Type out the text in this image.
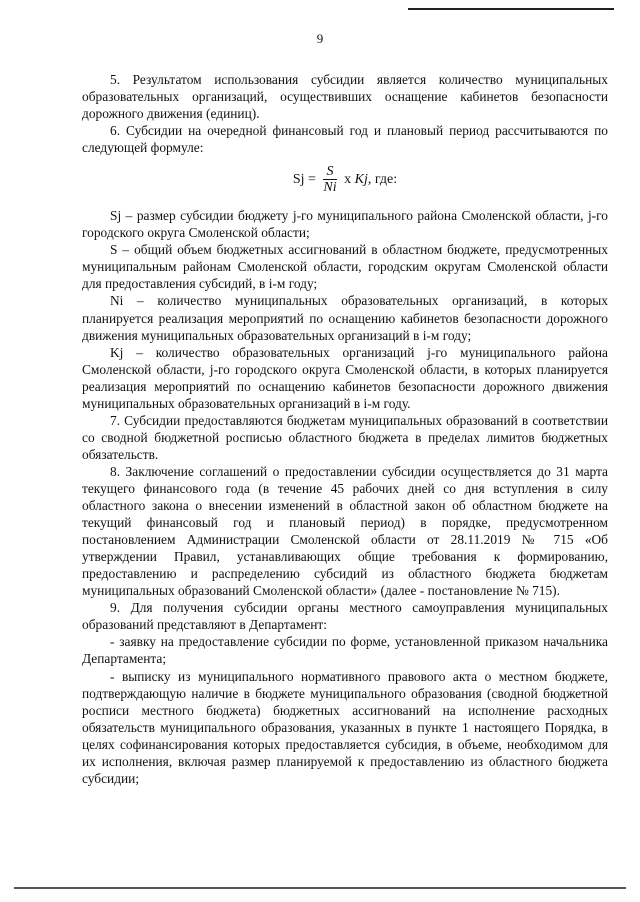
9

5. Результатом использования субсидии является количество муниципальных образовательных организаций, осуществивших оснащение кабинетов безопасности дорожного движения (единиц).

6. Субсидии на очередной финансовый год и плановый период рассчитываются по следующей формуле:

$Sj = \frac{S}{Ni}$ x Kj, где:

Sj – размер субсидии бюджету j-го муниципального района Смоленской области, j-го городского округа Смоленской области;

S – общий объем бюджетных ассигнований в областном бюджете, предусмотренных муниципальным районам Смоленской области, городским округам Смоленской области для предоставления субсидий, в i-м году;

Ni – количество муниципальных образовательных организаций, в которых планируется реализация мероприятий по оснащению кабинетов безопасности дорожного движения муниципальных образовательных организаций в i-м году;

Kj – количество образовательных организаций j-го муниципального района Смоленской области, j-го городского округа Смоленской области, в которых планируется реализация мероприятий по оснащению кабинетов безопасности дорожного движения муниципальных образовательных организаций в i-м году.

7. Субсидии предоставляются бюджетам муниципальных образований в соответствии со сводной бюджетной росписью областного бюджета в пределах лимитов бюджетных обязательств.

8. Заключение соглашений о предоставлении субсидии осуществляется до 31 марта текущего финансового года (в течение 45 рабочих дней со дня вступления в силу областного закона о внесении изменений в областной закон об областном бюджете на текущий финансовый год и плановый период) в порядке, предусмотренном постановлением Администрации Смоленской области от 28.11.2019 № 715 «Об утверждении Правил, устанавливающих общие требования к формированию, предоставлению и распределению субсидий из областного бюджета бюджетам муниципальных образований Смоленской области» (далее - постановление № 715).

9. Для получения субсидии органы местного самоуправления муниципальных образований представляют в Департамент:

- заявку на предоставление субсидии по форме, установленной приказом начальника Департамента;

- выписку из муниципального нормативного правового акта о местном бюджете, подтверждающую наличие в бюджете муниципального образования (сводной бюджетной росписи местного бюджета) бюджетных ассигнований на исполнение расходных обязательств муниципального образования, указанных в пункте 1 настоящего Порядка, в целях софинансирования которых предоставляется субсидия, в объеме, необходимом для их исполнения, включая размер планируемой к предоставлению из областного бюджета субсидии;
